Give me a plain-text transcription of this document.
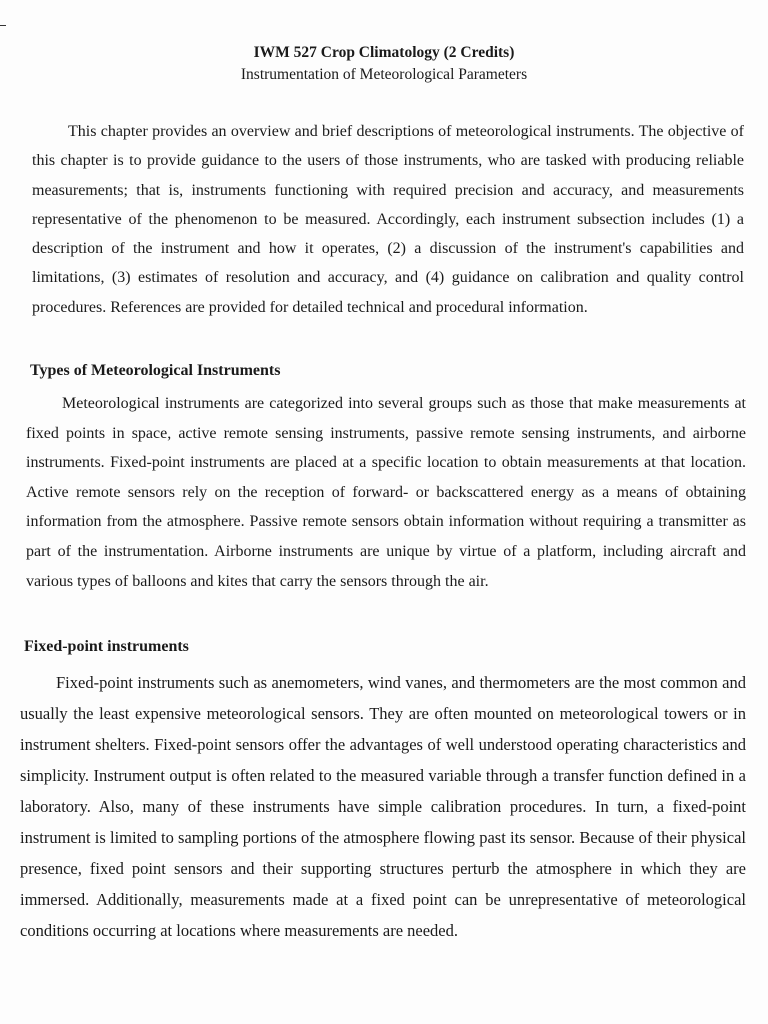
IWM 527 Crop Climatology (2 Credits)
Instrumentation of Meteorological Parameters

This chapter provides an overview and brief descriptions of meteorological instruments. The objective of this chapter is to provide guidance to the users of those instruments, who are tasked with producing reliable measurements; that is, instruments functioning with required precision and accuracy, and measurements representative of the phenomenon to be measured. Accordingly, each instrument subsection includes (1) a description of the instrument and how it operates, (2) a discussion of the instrument's capabilities and limitations, (3) estimates of resolution and accuracy, and (4) guidance on calibration and quality control procedures. References are provided for detailed technical and procedural information.

Types of Meteorological Instruments

Meteorological instruments are categorized into several groups such as those that make measurements at fixed points in space, active remote sensing instruments, passive remote sensing instruments, and airborne instruments. Fixed-point instruments are placed at a specific location to obtain measurements at that location. Active remote sensors rely on the reception of forward- or backscattered energy as a means of obtaining information from the atmosphere. Passive remote sensors obtain information without requiring a transmitter as part of the instrumentation. Airborne instruments are unique by virtue of a platform, including aircraft and various types of balloons and kites that carry the sensors through the air.

Fixed-point instruments

Fixed-point instruments such as anemometers, wind vanes, and thermometers are the most common and usually the least expensive meteorological sensors. They are often mounted on meteorological towers or in instrument shelters. Fixed-point sensors offer the advantages of well understood operating characteristics and simplicity. Instrument output is often related to the measured variable through a transfer function defined in a laboratory. Also, many of these instruments have simple calibration procedures. In turn, a fixed-point instrument is limited to sampling portions of the atmosphere flowing past its sensor. Because of their physical presence, fixed point sensors and their supporting structures perturb the atmosphere in which they are immersed. Additionally, measurements made at a fixed point can be unrepresentative of meteorological conditions occurring at locations where measurements are needed.
